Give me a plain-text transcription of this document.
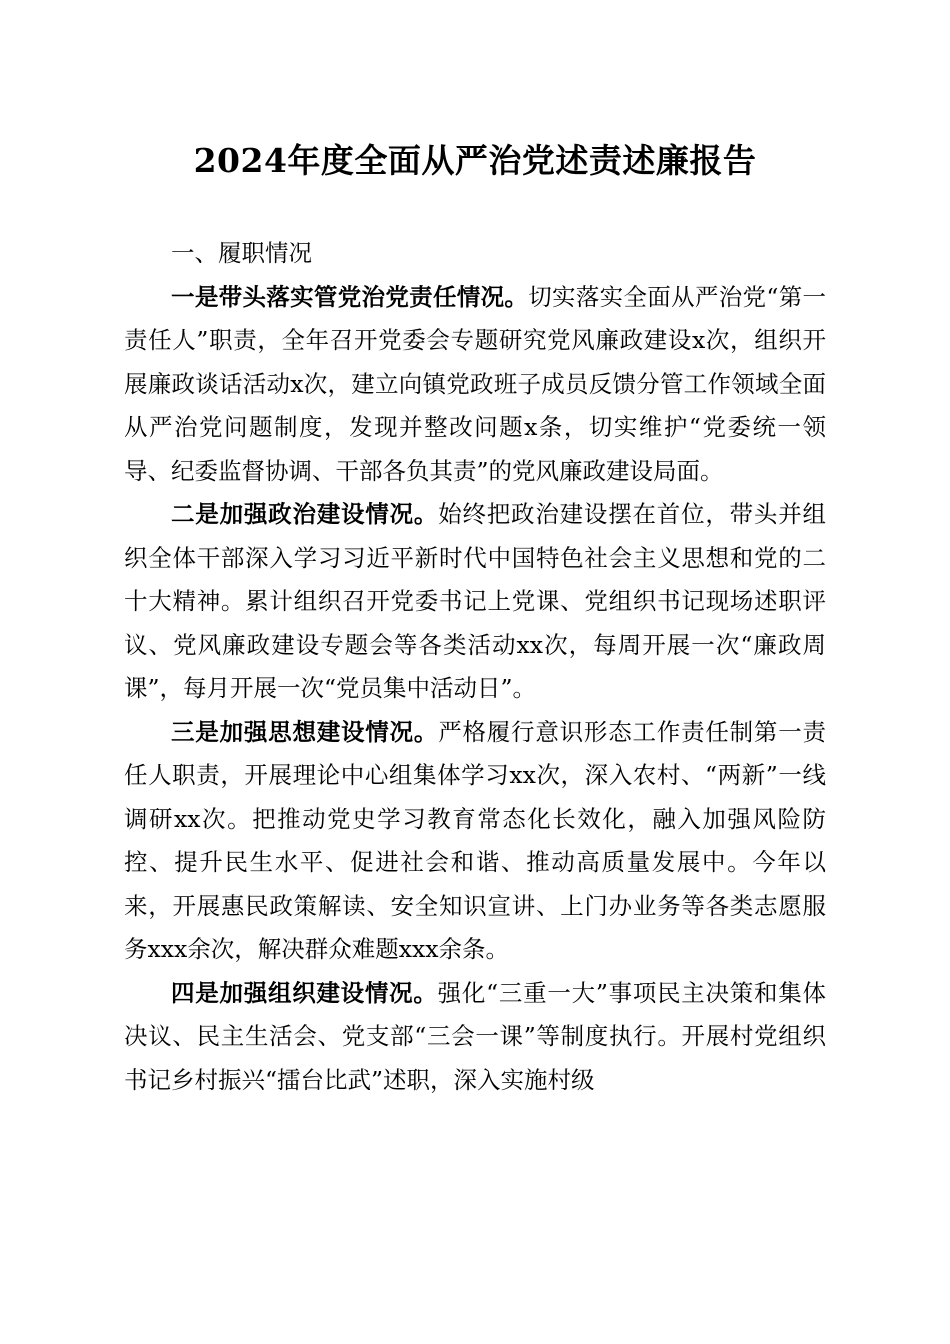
2024年度全面从严治党述责述廉报告

一、履职情况

一是带头落实管党治党责任情况。切实落实全面从严治党“第一责任人”职责，全年召开党委会专题研究党风廉政建设x次，组织开展廉政谈话活动x次，建立向镇党政班子成员反馈分管工作领域全面从严治党问题制度，发现并整改问题x条，切实维护“党委统一领导、纪委监督协调、干部各负其责”的党风廉政建设局面。

二是加强政治建设情况。始终把政治建设摆在首位，带头并组织全体干部深入学习习近平新时代中国特色社会主义思想和党的二十大精神。累计组织召开党委书记上党课、党组织书记现场述职评议、党风廉政建设专题会等各类活动xx次，每周开展一次“廉政周课”，每月开展一次“党员集中活动日”。

三是加强思想建设情况。严格履行意识形态工作责任制第一责任人职责，开展理论中心组集体学习xx次，深入农村、“两新”一线调研xx次。把推动党史学习教育常态化长效化，融入加强风险防控、提升民生水平、促进社会和谐、推动高质量发展中。今年以来，开展惠民政策解读、安全知识宣讲、上门办业务等各类志愿服务xxx余次，解决群众难题xxx余条。

四是加强组织建设情况。强化“三重一大”事项民主决策和集体决议、民主生活会、党支部“三会一课”等制度执行。开展村党组织书记乡村振兴“擂台比武”述职，深入实施村级
